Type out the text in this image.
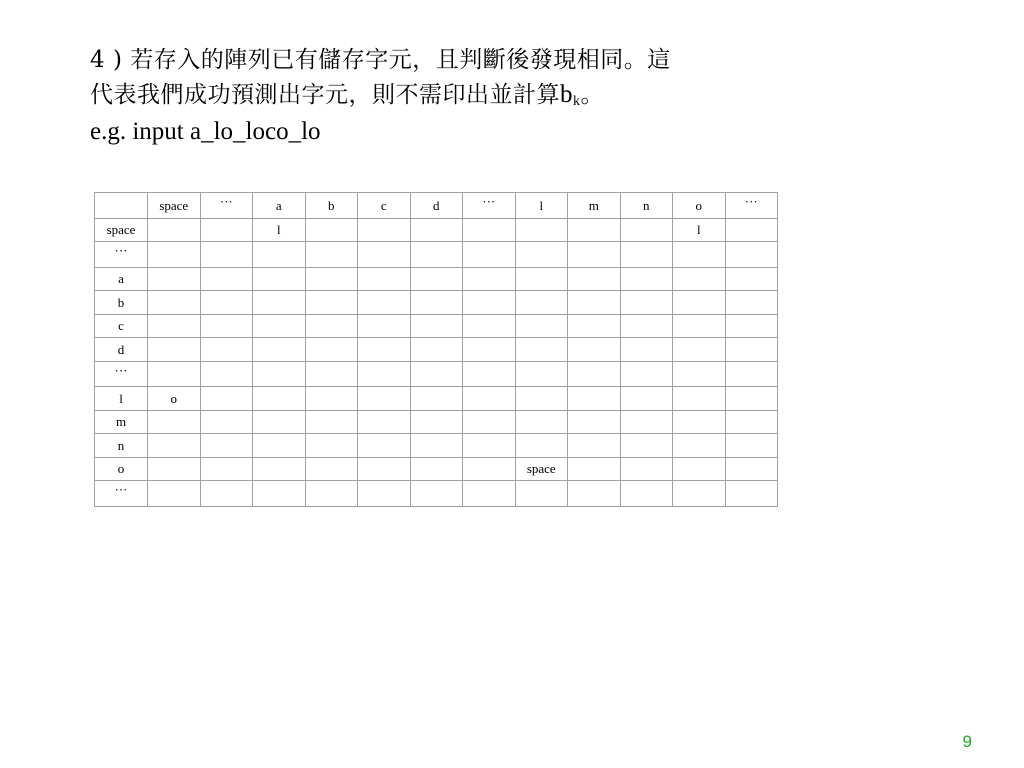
4 ) 若存入的陣列已有儲存字元，且判斷後發現相同。這
代表我們成功預測出字元，則不需印出並計算$b_k$。
e.g. input a_lo_loco_lo
	space	···	a	b	c	d	···	l	m	n	o	···
space			l								l	
···												
a												
b												
c												
d												
···												
l	o											
m												
n												
o								space				
···												
9
